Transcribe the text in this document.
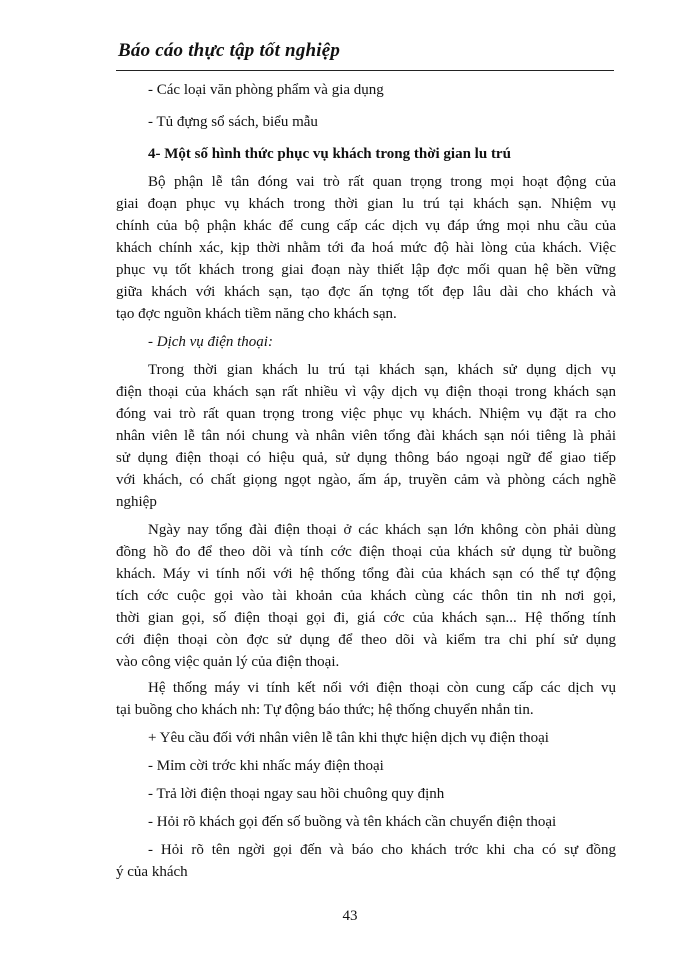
Báo cáo thực tập tốt nghiệp
- Các loại văn phòng phẩm và gia dụng
- Tủ đựng sổ sách, biểu mẫu
4- Một số hình thức phục vụ khách trong thời gian lu trú
Bộ phận lễ tân đóng vai trò rất quan trọng trong mọi hoạt động của
giai đoạn phục vụ khách trong thời gian lu trú tại khách sạn. Nhiệm vụ
chính của bộ phận khác để cung cấp các dịch vụ đáp ứng mọi nhu cầu của
khách chính xác, kịp thời nhằm tới đa hoá mức độ hài lòng của khách. Việc
phục vụ tốt khách trong giai đoạn này thiết lập đợc mối quan hệ bền vững
giữa khách với khách sạn, tạo đợc ấn tợng tốt đẹp lâu dài cho khách và
tạo đợc nguồn khách tiềm năng cho khách sạn.
- Dịch vụ điện thoại:
Trong thời gian khách lu trú tại khách sạn, khách sử dụng dịch vụ
điện thoại của khách sạn rất nhiều vì vậy dịch vụ điện thoại trong khách sạn
đóng vai trò rất quan trọng trong việc phục vụ khách. Nhiệm vụ đặt ra cho
nhân viên lễ tân nói chung và nhân viên tổng đài khách sạn nói tiêng là phải
sử dụng điện thoại có hiệu quả, sử dụng thông báo ngoại ngữ để giao tiếp
với khách, có chất giọng ngọt ngào, ấm áp, truyền cảm và phòng cách nghề
nghiệp
Ngày nay tổng đài điện thoại ở các khách sạn lớn không còn phải dùng
đồng hồ đo để theo dõi và tính cớc điện thoại của khách sử dụng từ buồng
khách. Máy vi tính nối với hệ thống tổng đài của khách sạn có thể tự động
tích cớc cuộc gọi vào tài khoản của khách cùng các thôn tin nh nơi gọi,
thời gian gọi, số điện thoại gọi đi, giá cớc của khách sạn... Hệ thống tính
cới điện thoại còn đợc sử dụng để theo dõi và kiểm tra chi phí sử dụng
vào công việc quản lý của điện thoại.
Hệ thống máy vi tính kết nối với điện thoại còn cung cấp các dịch vụ
tại buồng cho khách nh: Tự động báo thức; hệ thống chuyển nhắn tin.
+ Yêu cầu đối với nhân viên lễ tân khi thực hiện dịch vụ điện thoại
- Mỉm cời trớc khi nhấc máy điện thoại
- Trả lời điện thoại ngay sau hồi chuông quy định
- Hỏi rõ khách gọi đến số buồng và tên khách cần chuyển điện thoại
- Hỏi rõ tên ngời gọi đến và báo cho khách trớc khi cha có sự đồng
ý của khách
43
